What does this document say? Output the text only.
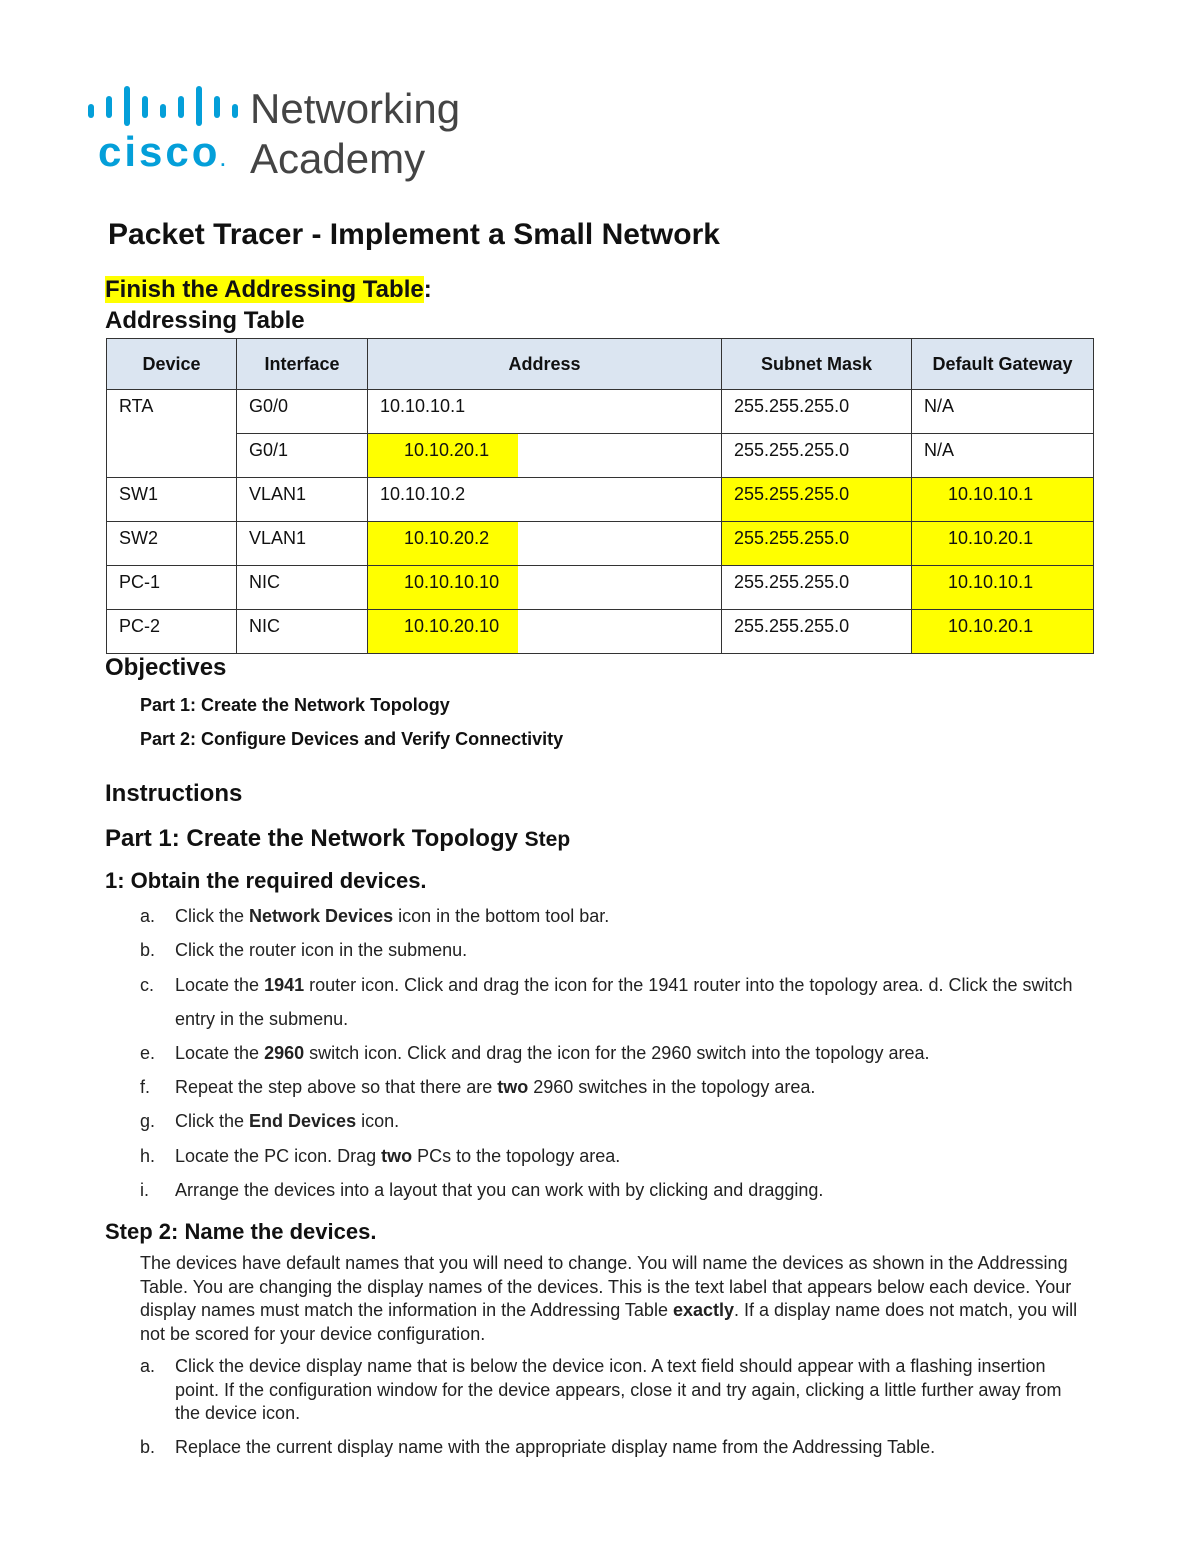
cisco.
Networking
Academy
Packet Tracer - Implement a Small Network
Finish the Addressing Table:
Addressing Table
Device	Interface	Address	Subnet Mask	Default Gateway

RTA	G0/0	10.10.10.1	255.255.255.0	N/A

	G0/1	10.10.20.1	255.255.255.0	N/A

SW1	VLAN1	10.10.10.2	255.255.255.0	10.10.10.1

SW2	VLAN1	10.10.20.2	255.255.255.0	10.10.20.1

PC-1	NIC	10.10.10.10	255.255.255.0	10.10.10.1

PC-2	NIC	10.10.20.10	255.255.255.0	10.10.20.1
Objectives

Part 1: Create the Network Topology

Part 2: Configure Devices and Verify Connectivity

Instructions
Part 1: Create the Network Topology Step
1: Obtain the required devices.
a. Click the Network Devices icon in the bottom tool bar.
b. Click the router icon in the submenu.
c. Locate the 1941 router icon. Click and drag the icon for the 1941 router into the topology area. d. Click the switch entry in the submenu.
e. Locate the 2960 switch icon. Click and drag the icon for the 2960 switch into the topology area.
f. Repeat the step above so that there are two 2960 switches in the topology area.
g. Click the End Devices icon.
h. Locate the PC icon. Drag two PCs to the topology area.
i. Arrange the devices into a layout that you can work with by clicking and dragging.
Step 2: Name the devices.

The devices have default names that you will need to change. You will name the devices as shown in the Addressing Table. You are changing the display names of the devices. This is the text label that appears below each device. Your display names must match the information in the Addressing Table exactly. If a display name does not match, you will not be scored for your device configuration.

a. Click the device display name that is below the device icon. A text field should appear with a flashing insertion point. If the configuration window for the device appears, close it and try again, clicking a little further away from the device icon.
b. Replace the current display name with the appropriate display name from the Addressing Table.
